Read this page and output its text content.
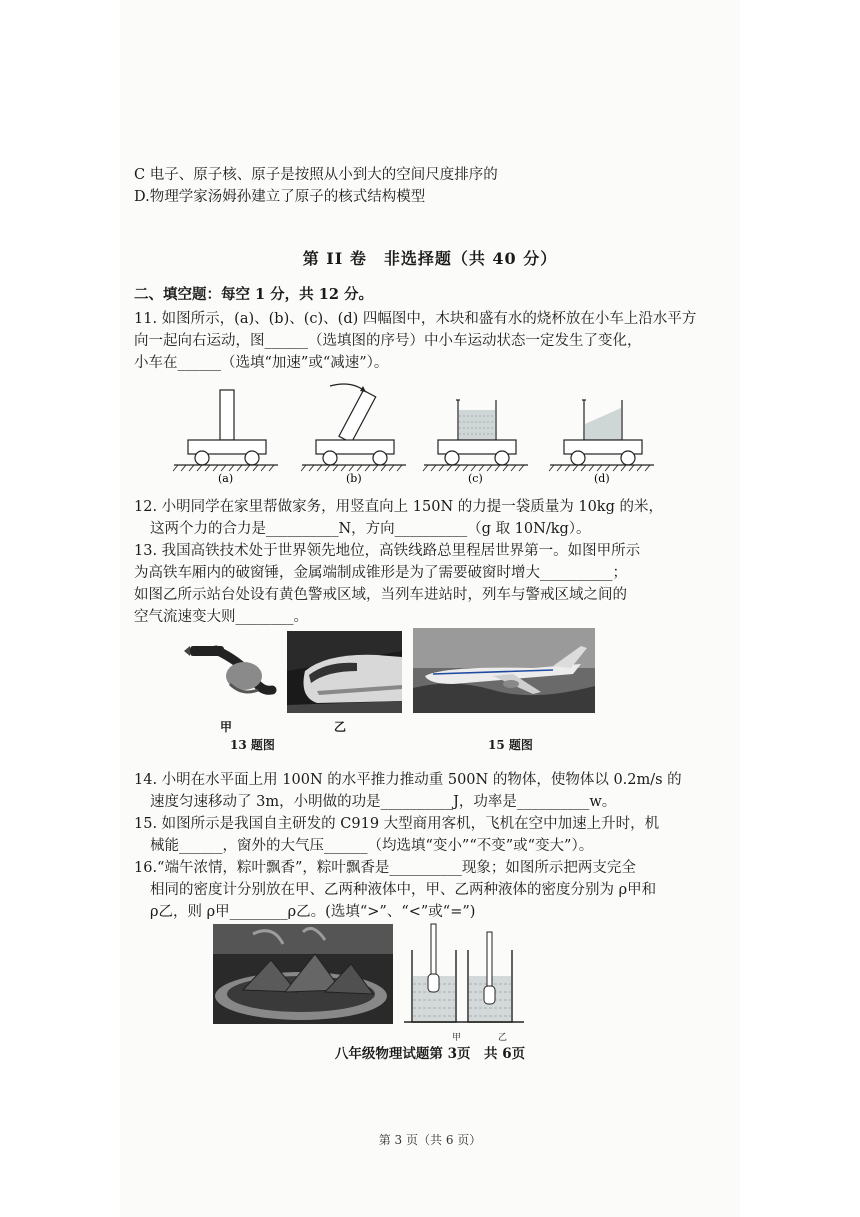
C 电子、原子核、原子是按照从小到大的空间尺度排序的
D.物理学家汤姆孙建立了原子的核式结构模型
第 II 卷　非选择题（共 40 分）
二、填空题：每空 1 分，共 12 分。
11. 如图所示，(a)、(b)、(c)、(d) 四幅图中，木块和盛有水的烧杯放在小车上沿水平方
向一起向右运动，图______（选填图的序号）中小车运动状态一定发生了变化，
小车在______（选填“加速”或“减速”）。
(a)	(b)	(c)	(d)
12. 小明同学在家里帮做家务，用竖直向上 150N 的力提一袋质量为 10kg 的米，
这两个力的合力是__________N，方向__________（g 取 10N/kg）。
13. 我国高铁技术处于世界领先地位，高铁线路总里程居世界第一。如图甲所示
为高铁车厢内的破窗锤，金属端制成锥形是为了需要破窗时增大__________；
如图乙所示站台处设有黄色警戒区域，当列车进站时，列车与警戒区域之间的
空气流速变大则________。
甲	乙
13 题图	15 题图
14. 小明在水平面上用 100N 的水平推力推动重 500N 的物体，使物体以 0.2m/s 的
速度匀速移动了 3m，小明做的功是__________J，功率是__________w。
15. 如图所示是我国自主研发的 C919 大型商用客机，飞机在空中加速上升时，机
械能______，窗外的大气压______（均选填“变小”“不变”或“变大”）。
16.“端午浓情，粽叶飘香”，粽叶飘香是__________现象；如图所示把两支完全
相同的密度计分别放在甲、乙两种液体中，甲、乙两种液体的密度分别为 ρ甲和
ρ乙，则 ρ甲________ρ乙。(选填“>”、“<”或“=”)
甲	乙
八年级物理试题第 3页　共 6页
第 3 页（共 6 页）
